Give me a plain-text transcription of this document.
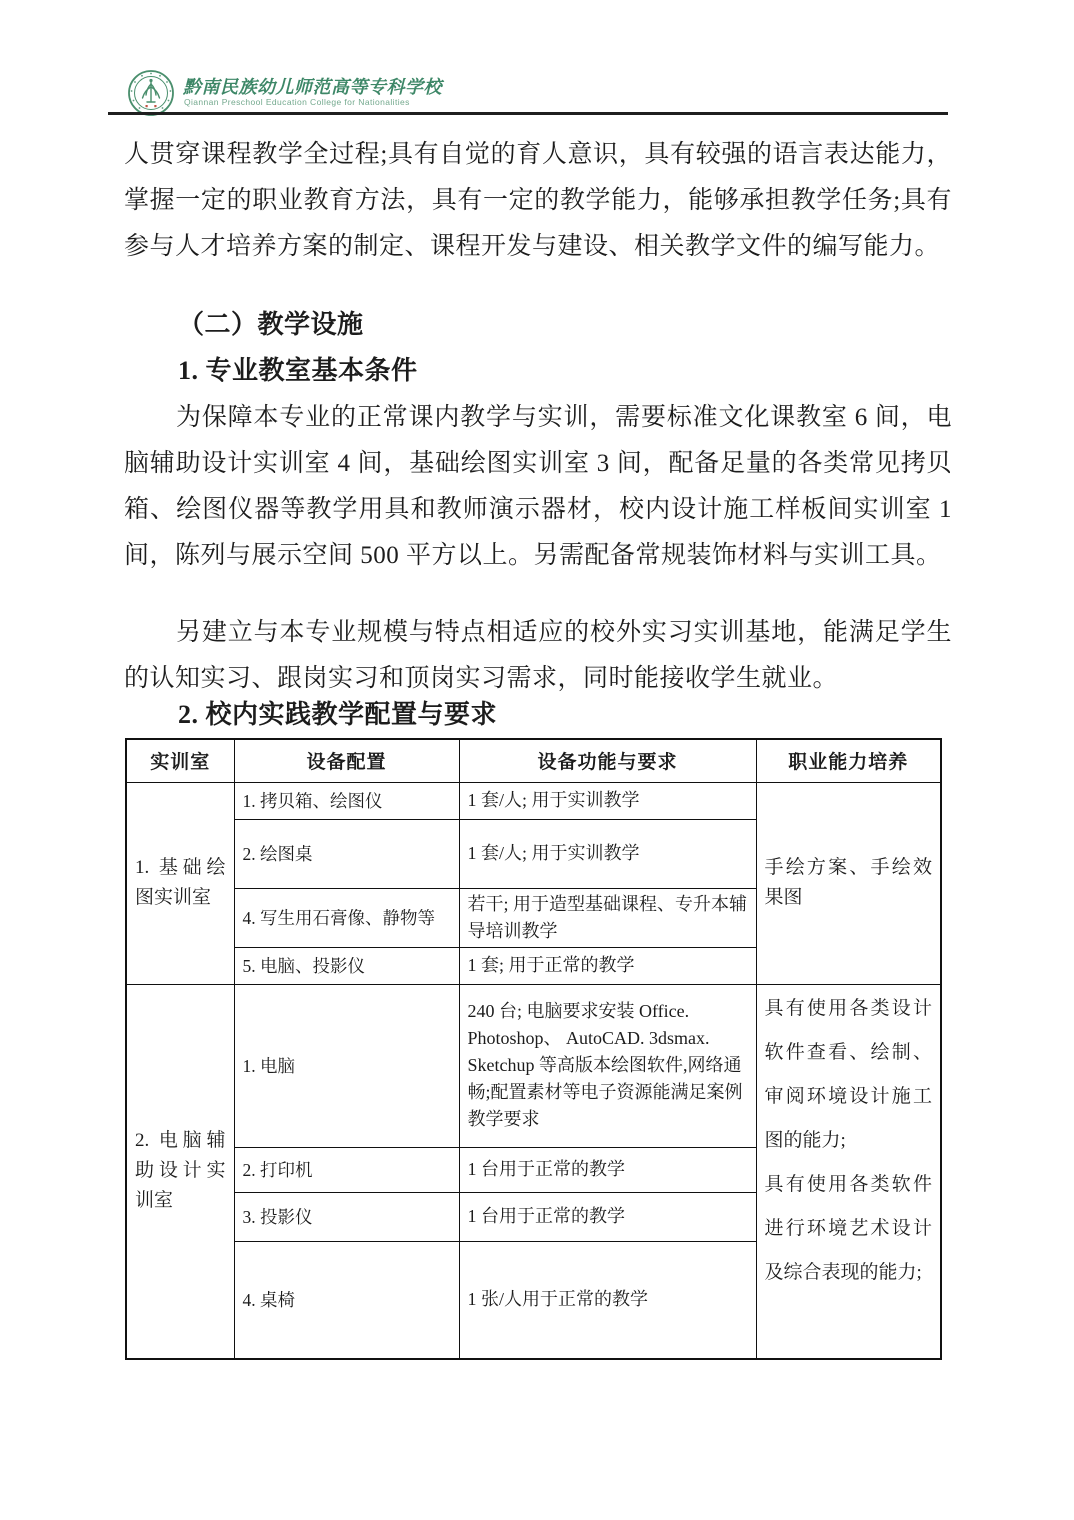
黔南民族幼儿师范高等专科学校
Qiannan Preschool Education College for Nationalities

人贯穿课程教学全过程;具有自觉的育人意识，具有较强的语言表达能力，掌握一定的职业教育方法，具有一定的教学能力，能够承担教学任务;具有参与人才培养方案的制定、课程开发与建设、相关教学文件的编写能力。

（二）教学设施

1. 专业教室基本条件

为保障本专业的正常课内教学与实训，需要标准文化课教室 6 间，电脑辅助设计实训室 4 间，基础绘图实训室 3 间，配备足量的各类常见拷贝箱、绘图仪器等教学用具和教师演示器材，校内设计施工样板间实训室 1 间，陈列与展示空间 500 平方以上。另需配备常规装饰材料与实训工具。

另建立与本专业规模与特点相适应的校外实习实训基地，能满足学生的认知实习、跟岗实习和顶岗实习需求，同时能接收学生就业。

2. 校内实践教学配置与要求

实训室	设备配置	设备功能与要求	职业能力培养
1. 基础绘图实训室	1. 拷贝箱、绘图仪	1 套/人; 用于实训教学	手绘方案、手绘效果图
	2. 绘图桌	1 套/人; 用于实训教学	
	4. 写生用石膏像、静物等	若干; 用于造型基础课程、专升本辅导培训教学	
	5. 电脑、投影仪	1 套; 用于正常的教学	
2. 电脑辅助设计实训室	1. 电脑	240 台; 电脑要求安装 Office. Photoshop、 AutoCAD. 3dsmax. Sketchup 等高版本绘图软件,网络通畅;配置素材等电子资源能满足案例教学要求	具有使用各类设计软件查看、绘制、审阅环境设计施工图的能力;
具有使用各类软件进行环境艺术设计及综合表现的能力;

	2. 打印机	1 台用于正常的教学	
	3. 投影仪	1 台用于正常的教学	
	4. 桌椅	1 张/人用于正常的教学	
